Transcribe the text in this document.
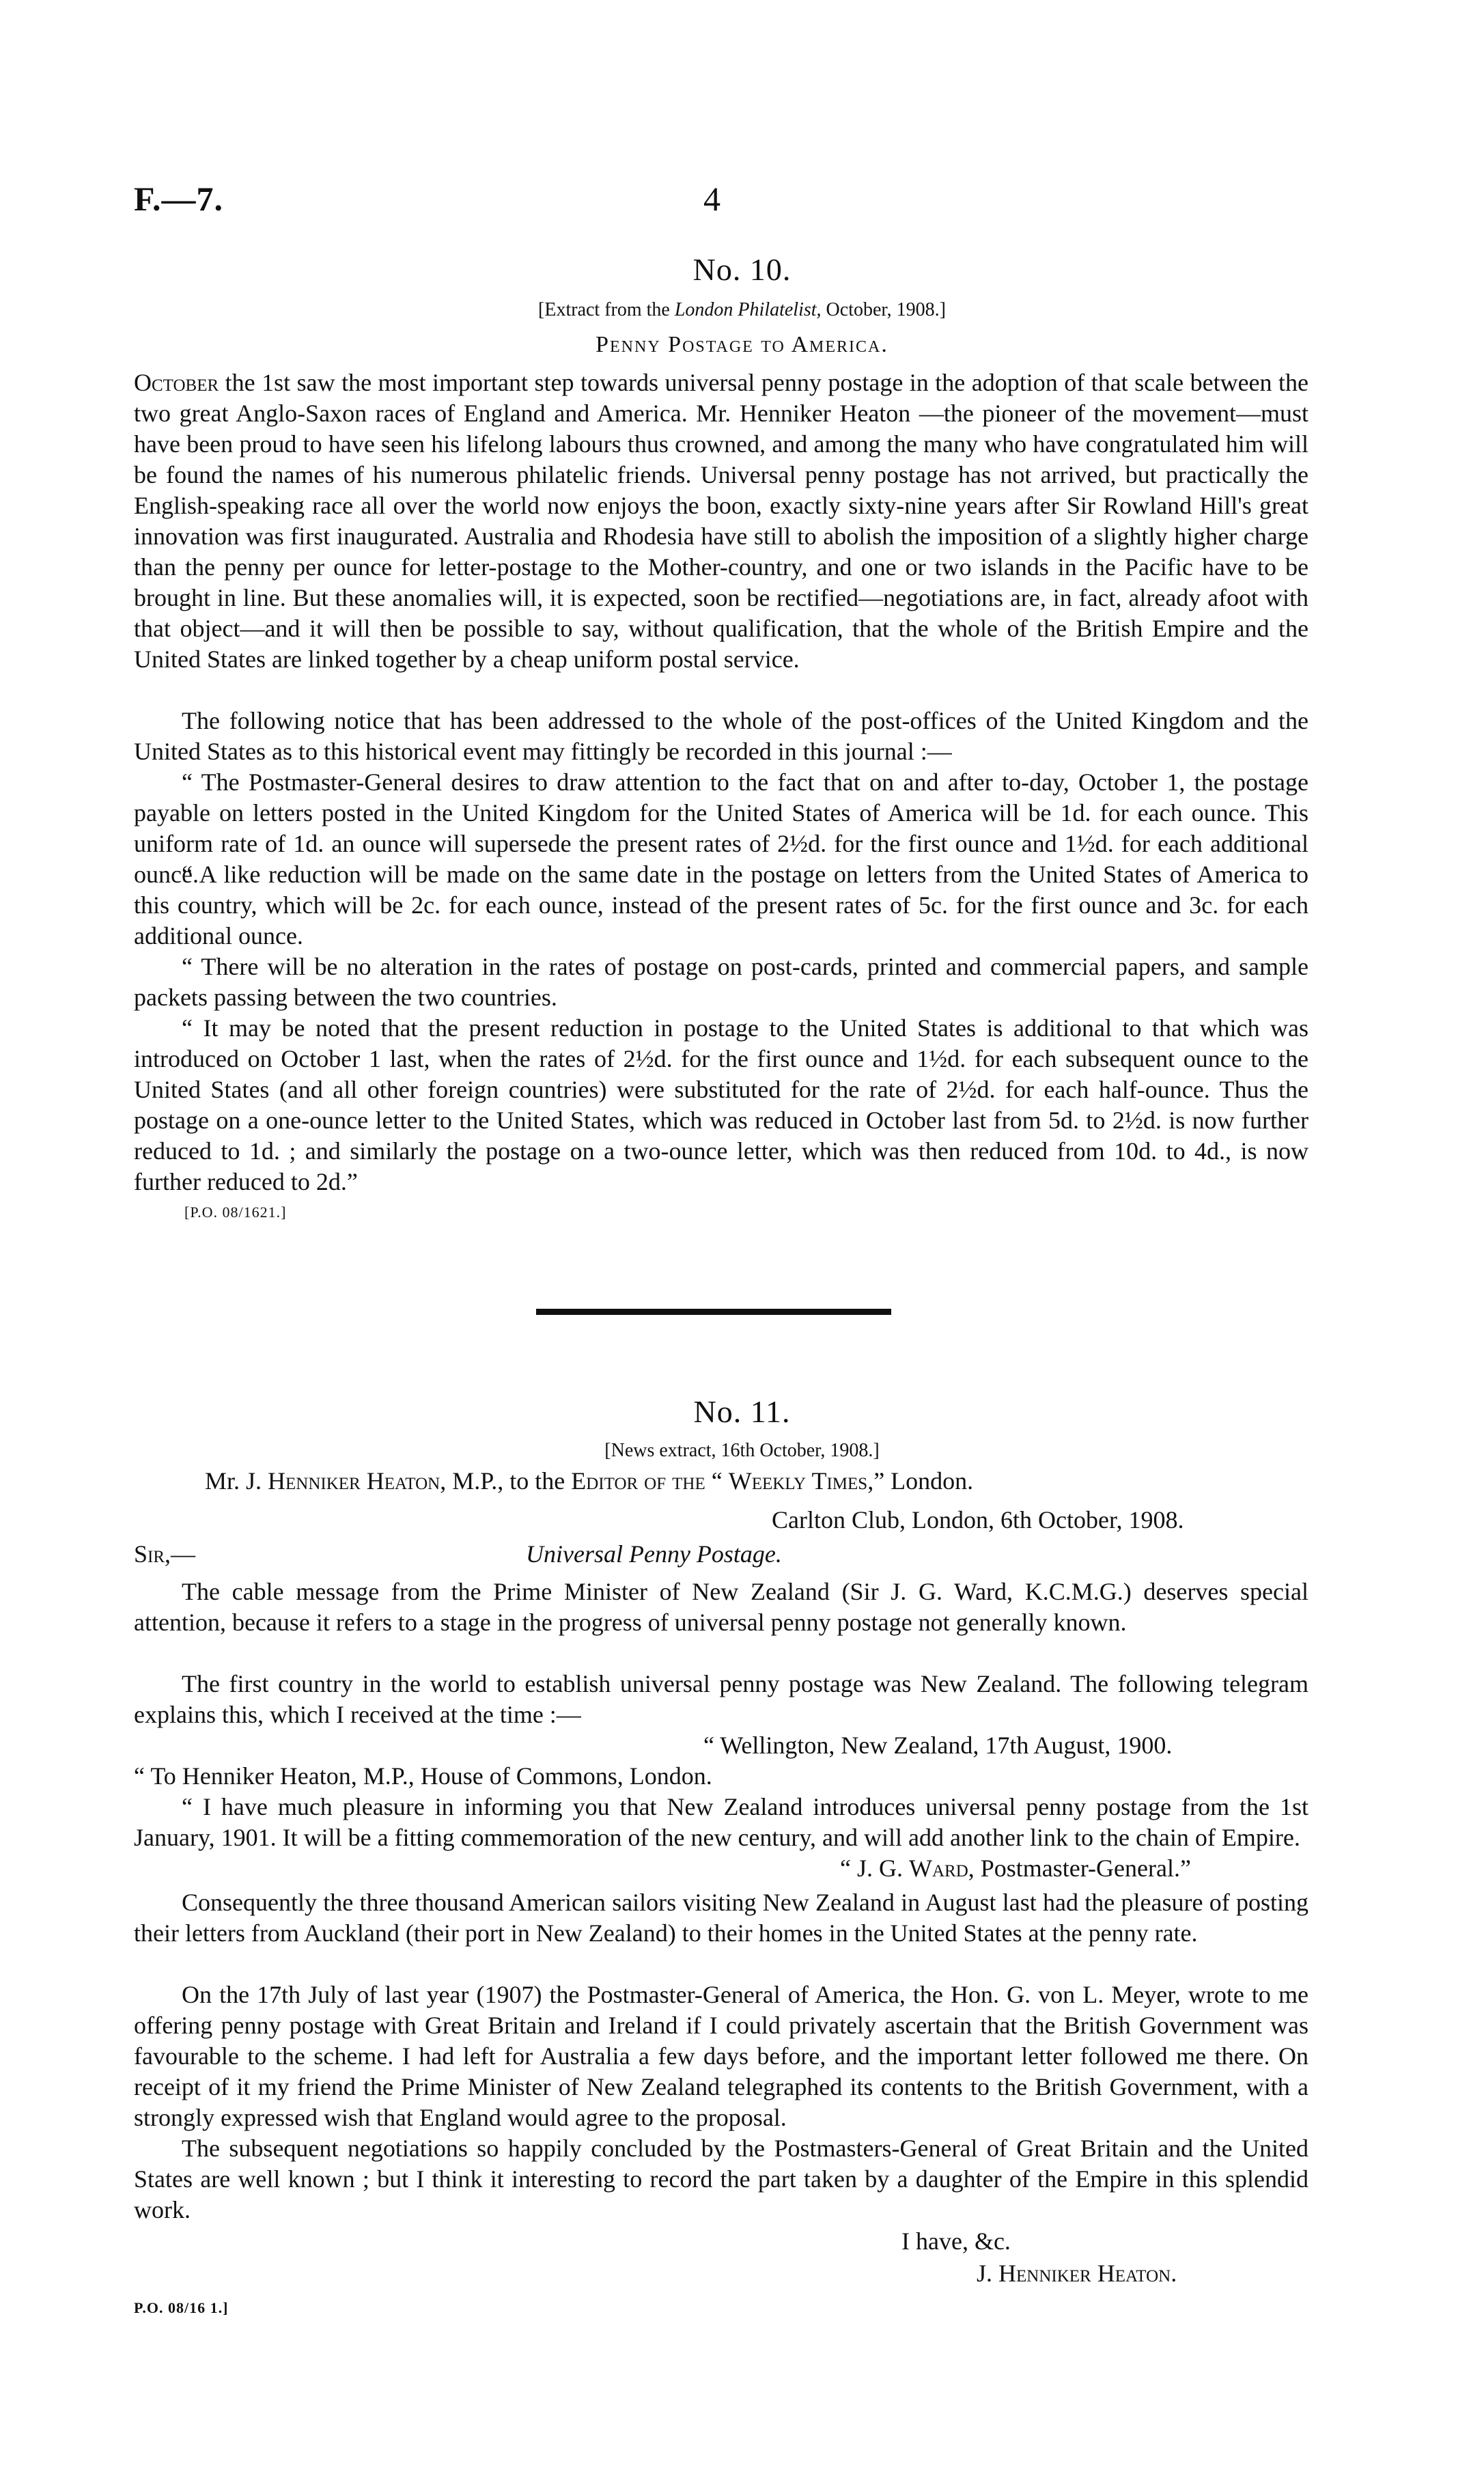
F.—7.	4
No. 10.
[Extract from the London Philatelist, October, 1908.]
Penny Postage to America.

October the 1st saw the most important step towards universal penny postage in the adoption of that scale between the two great Anglo-Saxon races of England and America. Mr. Henniker Heaton —the pioneer of the movement—must have been proud to have seen his lifelong labours thus crowned, and among the many who have congratulated him will be found the names of his numerous philatelic friends. Universal penny postage has not arrived, but practically the English-speaking race all over the world now enjoys the boon, exactly sixty-nine years after Sir Rowland Hill's great innovation was first inaugurated. Australia and Rhodesia have still to abolish the imposition of a slightly higher charge than the penny per ounce for letter-postage to the Mother-country, and one or two islands in the Pacific have to be brought in line. But these anomalies will, it is expected, soon be rectified—negotiations are, in fact, already afoot with that object—and it will then be possible to say, without qualification, that the whole of the British Empire and the United States are linked together by a cheap uniform postal service.

The following notice that has been addressed to the whole of the post-offices of the United Kingdom and the United States as to this historical event may fittingly be recorded in this journal :—

“ The Postmaster-General desires to draw attention to the fact that on and after to-day, October 1, the postage payable on letters posted in the United Kingdom for the United States of America will be 1d. for each ounce. This uniform rate of 1d. an ounce will supersede the present rates of 2½d. for the first ounce and 1½d. for each additional ounce.

“ A like reduction will be made on the same date in the postage on letters from the United States of America to this country, which will be 2c. for each ounce, instead of the present rates of 5c. for the first ounce and 3c. for each additional ounce.

“ There will be no alteration in the rates of postage on post-cards, printed and commercial papers, and sample packets passing between the two countries.

“ It may be noted that the present reduction in postage to the United States is additional to that which was introduced on October 1 last, when the rates of 2½d. for the first ounce and 1½d. for each subsequent ounce to the United States (and all other foreign countries) were substituted for the rate of 2½d. for each half-ounce. Thus the postage on a one-ounce letter to the United States, which was reduced in October last from 5d. to 2½d. is now further reduced to 1d. ; and similarly the postage on a two-ounce letter, which was then reduced from 10d. to 4d., is now further reduced to 2d.”

[P.O. 08/1621.]
No. 11.
[News extract, 16th October, 1908.]
Mr. J. Henniker Heaton, M.P., to the Editor of the “ Weekly Times,” London.
Carlton Club, London, 6th October, 1908.
Sir,—	Universal Penny Postage.

The cable message from the Prime Minister of New Zealand (Sir J. G. Ward, K.C.M.G.) deserves special attention, because it refers to a stage in the progress of universal penny postage not generally known.

The first country in the world to establish universal penny postage was New Zealand. The following telegram explains this, which I received at the time :—

“ Wellington, New Zealand, 17th August, 1900.
“ To Henniker Heaton, M.P., House of Commons, London.

“ I have much pleasure in informing you that New Zealand introduces universal penny postage from the 1st January, 1901. It will be a fitting commemoration of the new century, and will add another link to the chain of Empire.

“ J. G. Ward, Postmaster-General.”

Consequently the three thousand American sailors visiting New Zealand in August last had the pleasure of posting their letters from Auckland (their port in New Zealand) to their homes in the United States at the penny rate.

On the 17th July of last year (1907) the Postmaster-General of America, the Hon. G. von L. Meyer, wrote to me offering penny postage with Great Britain and Ireland if I could privately ascertain that the British Government was favourable to the scheme. I had left for Australia a few days before, and the important letter followed me there. On receipt of it my friend the Prime Minister of New Zealand telegraphed its contents to the British Government, with a strongly expressed wish that England would agree to the proposal.

The subsequent negotiations so happily concluded by the Postmasters-General of Great Britain and the United States are well known ; but I think it interesting to record the part taken by a daughter of the Empire in this splendid work.

I have, &c.
J. Henniker Heaton.
P.O. 08/16 1.]
